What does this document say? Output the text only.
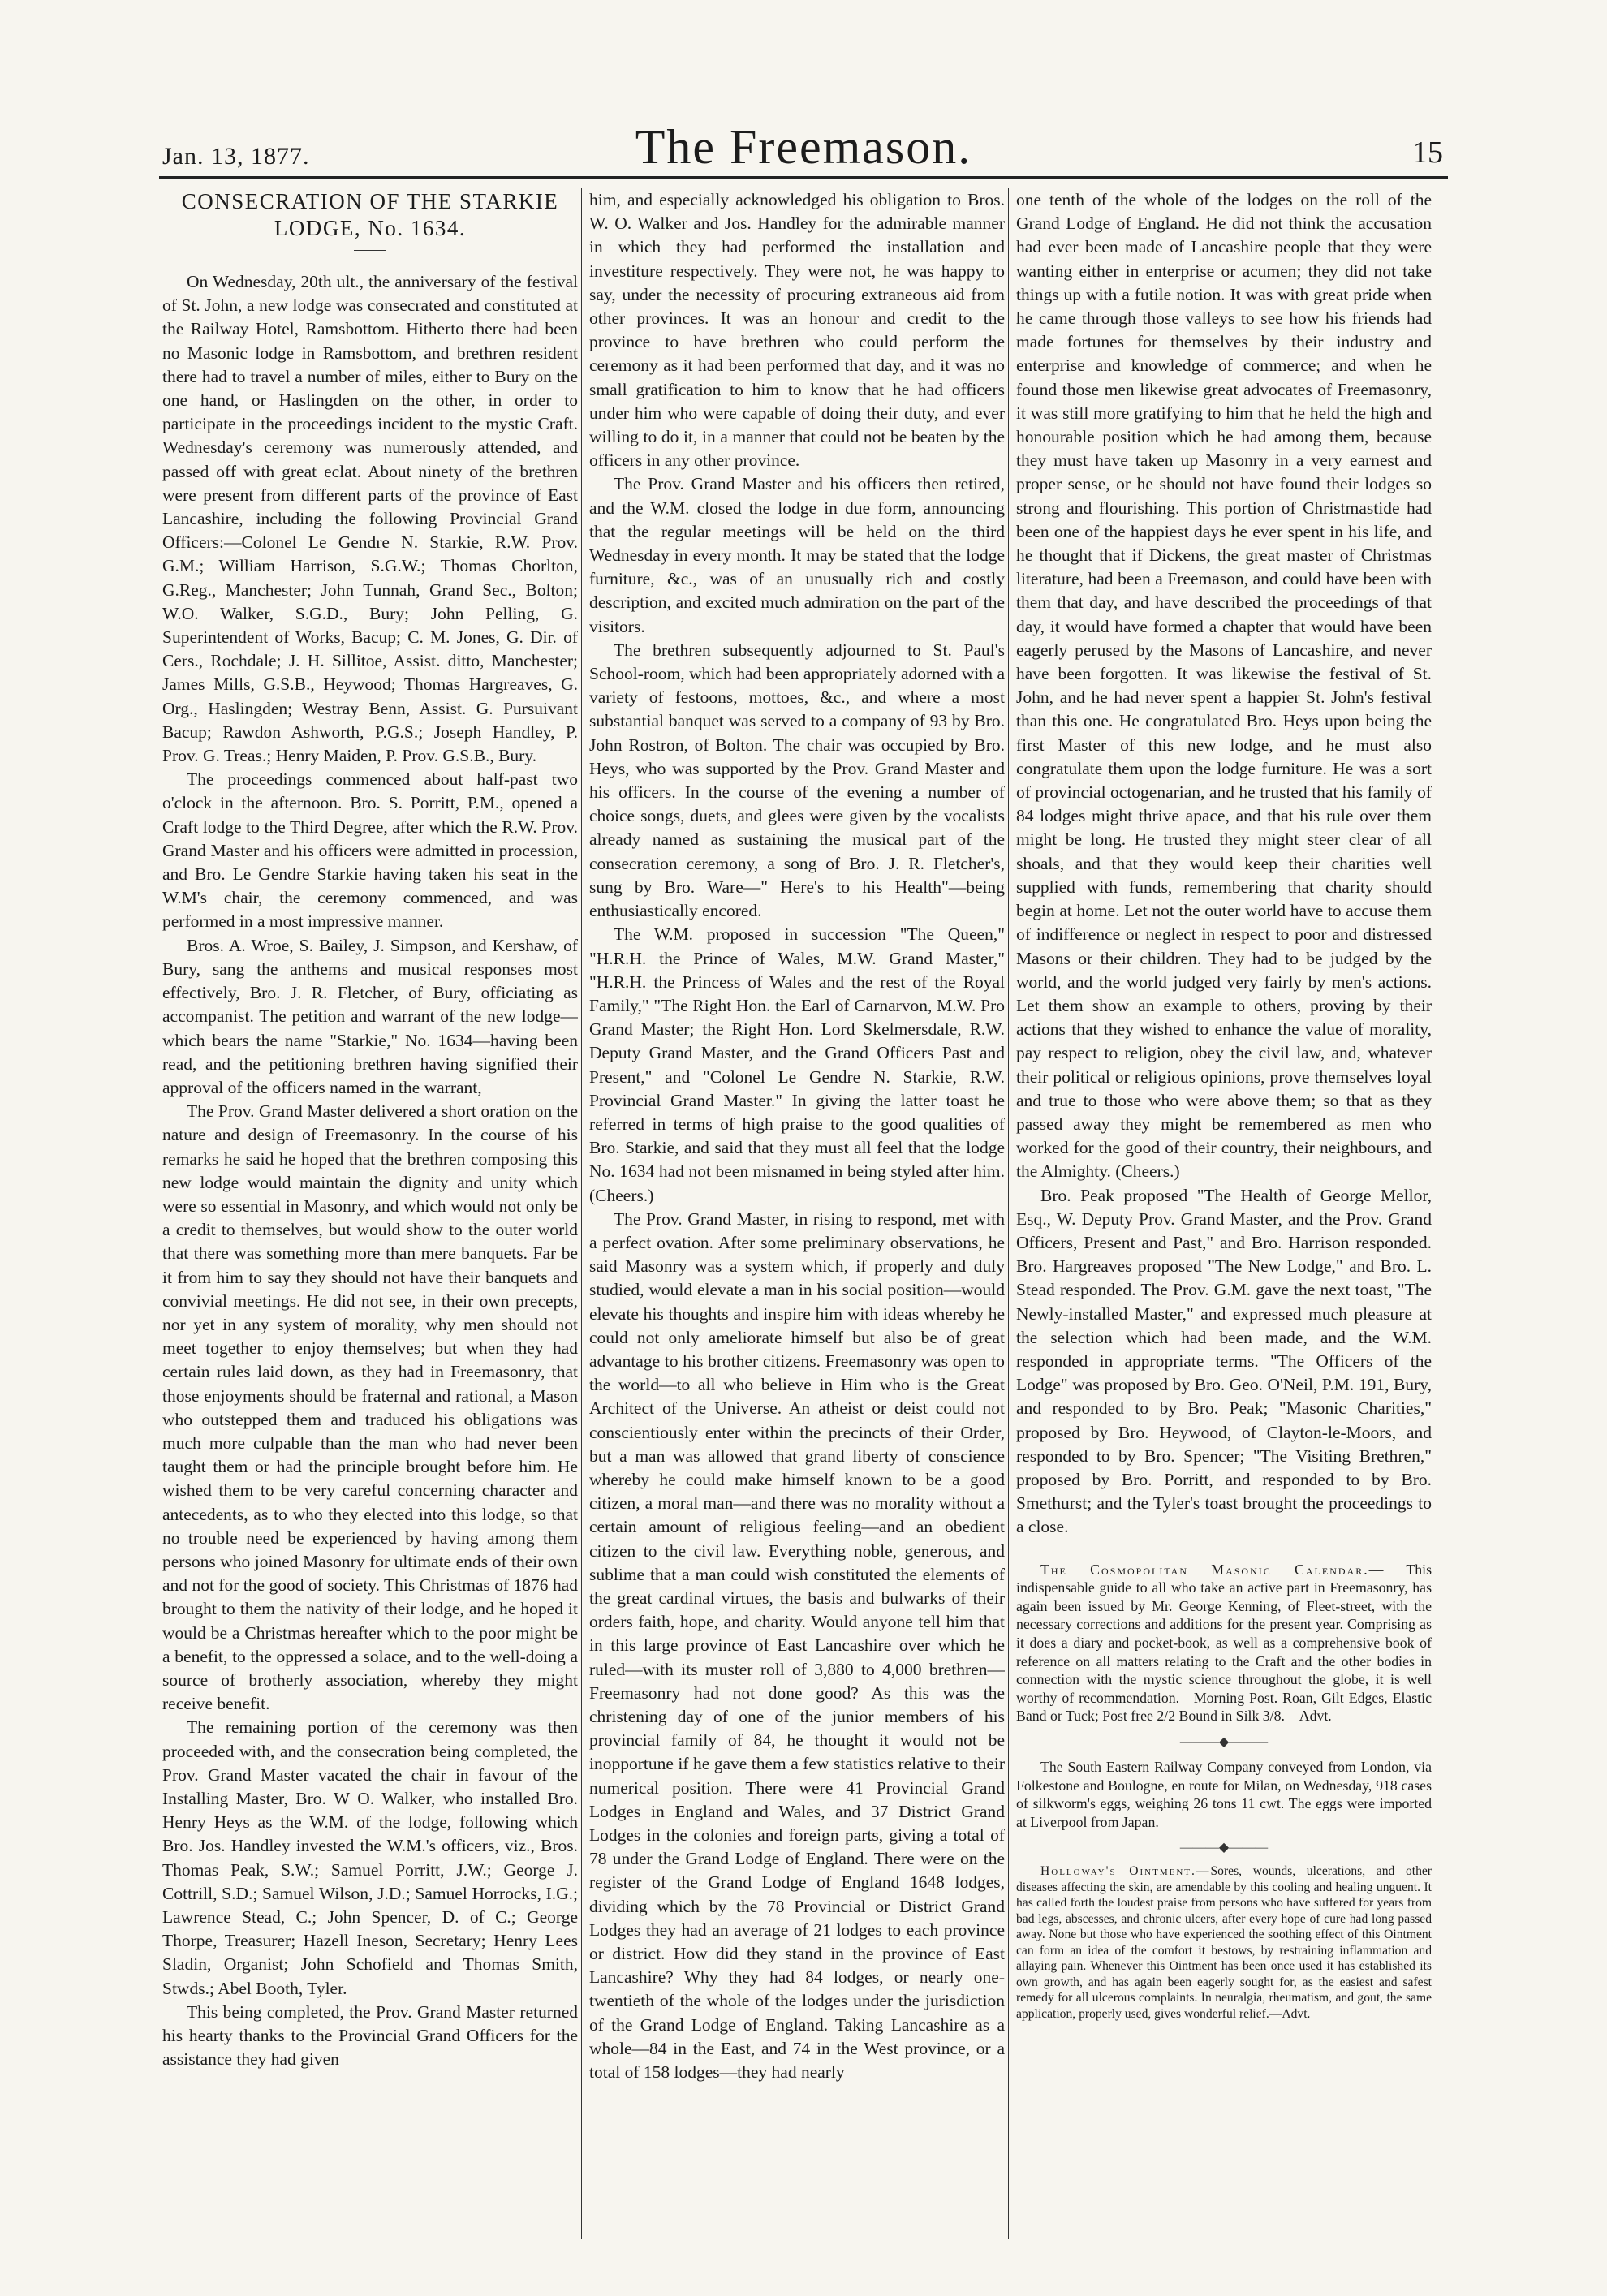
Jan. 13, 1877.	The Freemason.	15
CONSECRATION OF THE STARKIE
LODGE, No. 1634.

On Wednesday, 20th ult., the anniversary of the festival of St. John, a new lodge was consecrated and constituted at the Railway Hotel, Ramsbottom. Hitherto there had been no Masonic lodge in Ramsbottom, and brethren resident there had to travel a number of miles, either to Bury on the one hand, or Haslingden on the other, in order to participate in the proceedings incident to the mystic Craft. Wednesday's ceremony was numerously attended, and passed off with great eclat. About ninety of the brethren were present from different parts of the province of East Lancashire, including the following Provincial Grand Officers:—Colonel Le Gendre N. Starkie, R.W. Prov. G.M.; William Harrison, S.G.W.; Thomas Chorlton, G.Reg., Manchester; John Tunnah, Grand Sec., Bolton; W.O. Walker, S.G.D., Bury; John Pelling, G. Superintendent of Works, Bacup; C. M. Jones, G. Dir. of Cers., Rochdale; J. H. Sillitoe, Assist. ditto, Manchester; James Mills, G.S.B., Heywood; Thomas Hargreaves, G. Org., Haslingden; Westray Benn, Assist. G. Pursuivant Bacup; Rawdon Ashworth, P.G.S.; Joseph Handley, P. Prov. G. Treas.; Henry Maiden, P. Prov. G.S.B., Bury.

The proceedings commenced about half-past two o'clock in the afternoon. Bro. S. Porritt, P.M., opened a Craft lodge to the Third Degree, after which the R.W. Prov. Grand Master and his officers were admitted in procession, and Bro. Le Gendre Starkie having taken his seat in the W.M's chair, the ceremony commenced, and was performed in a most impressive manner.

Bros. A. Wroe, S. Bailey, J. Simpson, and Kershaw, of Bury, sang the anthems and musical responses most effectively, Bro. J. R. Fletcher, of Bury, officiating as accompanist. The petition and warrant of the new lodge—which bears the name "Starkie," No. 1634—having been read, and the petitioning brethren having signified their approval of the officers named in the warrant,

The Prov. Grand Master delivered a short oration on the nature and design of Freemasonry. In the course of his remarks he said he hoped that the brethren composing this new lodge would maintain the dignity and unity which were so essential in Masonry, and which would not only be a credit to themselves, but would show to the outer world that there was something more than mere banquets. Far be it from him to say they should not have their banquets and convivial meetings. He did not see, in their own precepts, nor yet in any system of morality, why men should not meet together to enjoy themselves; but when they had certain rules laid down, as they had in Freemasonry, that those enjoyments should be fraternal and rational, a Mason who outstepped them and traduced his obligations was much more culpable than the man who had never been taught them or had the principle brought before him. He wished them to be very careful concerning character and antecedents, as to who they elected into this lodge, so that no trouble need be experienced by having among them persons who joined Masonry for ultimate ends of their own and not for the good of society. This Christmas of 1876 had brought to them the nativity of their lodge, and he hoped it would be a Christmas hereafter which to the poor might be a benefit, to the oppressed a solace, and to the well-doing a source of brotherly association, whereby they might receive benefit.

The remaining portion of the ceremony was then proceeded with, and the consecration being completed, the Prov. Grand Master vacated the chair in favour of the Installing Master, Bro. W O. Walker, who installed Bro. Henry Heys as the W.M. of the lodge, following which Bro. Jos. Handley invested the W.M.'s officers, viz., Bros. Thomas Peak, S.W.; Samuel Porritt, J.W.; George J. Cottrill, S.D.; Samuel Wilson, J.D.; Samuel Horrocks, I.G.; Lawrence Stead, C.; John Spencer, D. of C.; George Thorpe, Treasurer; Hazell Ineson, Secretary; Henry Lees Sladin, Organist; John Schofield and Thomas Smith, Stwds.; Abel Booth, Tyler.

This being completed, the Prov. Grand Master returned his hearty thanks to the Provincial Grand Officers for the assistance they had given

him, and especially acknowledged his obligation to Bros. W. O. Walker and Jos. Handley for the admirable manner in which they had performed the installation and investiture respectively. They were not, he was happy to say, under the necessity of procuring extraneous aid from other provinces. It was an honour and credit to the province to have brethren who could perform the ceremony as it had been performed that day, and it was no small gratification to him to know that he had officers under him who were capable of doing their duty, and ever willing to do it, in a manner that could not be beaten by the officers in any other province.

The Prov. Grand Master and his officers then retired, and the W.M. closed the lodge in due form, announcing that the regular meetings will be held on the third Wednesday in every month. It may be stated that the lodge furniture, &c., was of an unusually rich and costly description, and excited much admiration on the part of the visitors.

The brethren subsequently adjourned to St. Paul's School-room, which had been appropriately adorned with a variety of festoons, mottoes, &c., and where a most substantial banquet was served to a company of 93 by Bro. John Rostron, of Bolton. The chair was occupied by Bro. Heys, who was supported by the Prov. Grand Master and his officers. In the course of the evening a number of choice songs, duets, and glees were given by the vocalists already named as sustaining the musical part of the consecration ceremony, a song of Bro. J. R. Fletcher's, sung by Bro. Ware—" Here's to his Health"—being enthusiastically encored.

The W.M. proposed in succession "The Queen," "H.R.H. the Prince of Wales, M.W. Grand Master," "H.R.H. the Princess of Wales and the rest of the Royal Family," "The Right Hon. the Earl of Carnarvon, M.W. Pro Grand Master; the Right Hon. Lord Skelmersdale, R.W. Deputy Grand Master, and the Grand Officers Past and Present," and "Colonel Le Gendre N. Starkie, R.W. Provincial Grand Master." In giving the latter toast he referred in terms of high praise to the good qualities of Bro. Starkie, and said that they must all feel that the lodge No. 1634 had not been misnamed in being styled after him. (Cheers.)

The Prov. Grand Master, in rising to respond, met with a perfect ovation. After some preliminary observations, he said Masonry was a system which, if properly and duly studied, would elevate a man in his social position—would elevate his thoughts and inspire him with ideas whereby he could not only ameliorate himself but also be of great advantage to his brother citizens. Freemasonry was open to the world—to all who believe in Him who is the Great Architect of the Universe. An atheist or deist could not conscientiously enter within the precincts of their Order, but a man was allowed that grand liberty of conscience whereby he could make himself known to be a good citizen, a moral man—and there was no morality without a certain amount of religious feeling—and an obedient citizen to the civil law. Everything noble, generous, and sublime that a man could wish constituted the elements of the great cardinal virtues, the basis and bulwarks of their orders faith, hope, and charity. Would anyone tell him that in this large province of East Lancashire over which he ruled—with its muster roll of 3,880 to 4,000 brethren—Freemasonry had not done good? As this was the christening day of one of the junior members of his provincial family of 84, he thought it would not be inopportune if he gave them a few statistics relative to their numerical position. There were 41 Provincial Grand Lodges in England and Wales, and 37 District Grand Lodges in the colonies and foreign parts, giving a total of 78 under the Grand Lodge of England. There were on the register of the Grand Lodge of England 1648 lodges, dividing which by the 78 Provincial or District Grand Lodges they had an average of 21 lodges to each province or district. How did they stand in the province of East Lancashire? Why they had 84 lodges, or nearly one-twentieth of the whole of the lodges under the jurisdiction of the Grand Lodge of England. Taking Lancashire as a whole—84 in the East, and 74 in the West province, or a total of 158 lodges—they had nearly

one tenth of the whole of the lodges on the roll of the Grand Lodge of England. He did not think the accusation had ever been made of Lancashire people that they were wanting either in enterprise or acumen; they did not take things up with a futile notion. It was with great pride when he came through those valleys to see how his friends had made fortunes for themselves by their industry and enterprise and knowledge of commerce; and when he found those men likewise great advocates of Freemasonry, it was still more gratifying to him that he held the high and honourable position which he had among them, because they must have taken up Masonry in a very earnest and proper sense, or he should not have found their lodges so strong and flourishing. This portion of Christmastide had been one of the happiest days he ever spent in his life, and he thought that if Dickens, the great master of Christmas literature, had been a Freemason, and could have been with them that day, and have described the proceedings of that day, it would have formed a chapter that would have been eagerly perused by the Masons of Lancashire, and never have been forgotten. It was likewise the festival of St. John, and he had never spent a happier St. John's festival than this one. He congratulated Bro. Heys upon being the first Master of this new lodge, and he must also congratulate them upon the lodge furniture. He was a sort of provincial octogenarian, and he trusted that his family of 84 lodges might thrive apace, and that his rule over them might be long. He trusted they might steer clear of all shoals, and that they would keep their charities well supplied with funds, remembering that charity should begin at home. Let not the outer world have to accuse them of indifference or neglect in respect to poor and distressed Masons or their children. They had to be judged by the world, and the world judged very fairly by men's actions. Let them show an example to others, proving by their actions that they wished to enhance the value of morality, pay respect to religion, obey the civil law, and, whatever their political or religious opinions, prove themselves loyal and true to those who were above them; so that as they passed away they might be remembered as men who worked for the good of their country, their neighbours, and the Almighty. (Cheers.)

Bro. Peak proposed "The Health of George Mellor, Esq., W. Deputy Prov. Grand Master, and the Prov. Grand Officers, Present and Past," and Bro. Harrison responded. Bro. Hargreaves proposed "The New Lodge," and Bro. L. Stead responded. The Prov. G.M. gave the next toast, "The Newly-installed Master," and expressed much pleasure at the selection which had been made, and the W.M. responded in appropriate terms. "The Officers of the Lodge" was proposed by Bro. Geo. O'Neil, P.M. 191, Bury, and responded to by Bro. Peak; "Masonic Charities," proposed by Bro. Heywood, of Clayton-le-Moors, and responded to by Bro. Spencer; "The Visiting Brethren," proposed by Bro. Porritt, and responded to by Bro. Smethurst; and the Tyler's toast brought the proceedings to a close.

The Cosmopolitan Masonic Calendar.— This indispensable guide to all who take an active part in Freemasonry, has again been issued by Mr. George Kenning, of Fleet-street, with the necessary corrections and additions for the present year. Comprising as it does a diary and pocket-book, as well as a comprehensive book of reference on all matters relating to the Craft and the other bodies in connection with the mystic science throughout the globe, it is well worthy of recommendation.—Morning Post. Roan, Gilt Edges, Elastic Band or Tuck; Post free 2/2 Bound in Silk 3/8.—Advt.

———◆———

The South Eastern Railway Company conveyed from London, via Folkestone and Boulogne, en route for Milan, on Wednesday, 918 cases of silkworm's eggs, weighing 26 tons 11 cwt. The eggs were imported at Liverpool from Japan.

———◆———

Holloway's Ointment.—Sores, wounds, ulcerations, and other diseases affecting the skin, are amendable by this cooling and healing unguent. It has called forth the loudest praise from persons who have suffered for years from bad legs, abscesses, and chronic ulcers, after every hope of cure had long passed away. None but those who have experienced the soothing effect of this Ointment can form an idea of the comfort it bestows, by restraining inflammation and allaying pain. Whenever this Ointment has been once used it has established its own growth, and has again been eagerly sought for, as the easiest and safest remedy for all ulcerous complaints. In neuralgia, rheumatism, and gout, the same application, properly used, gives wonderful relief.—Advt.
